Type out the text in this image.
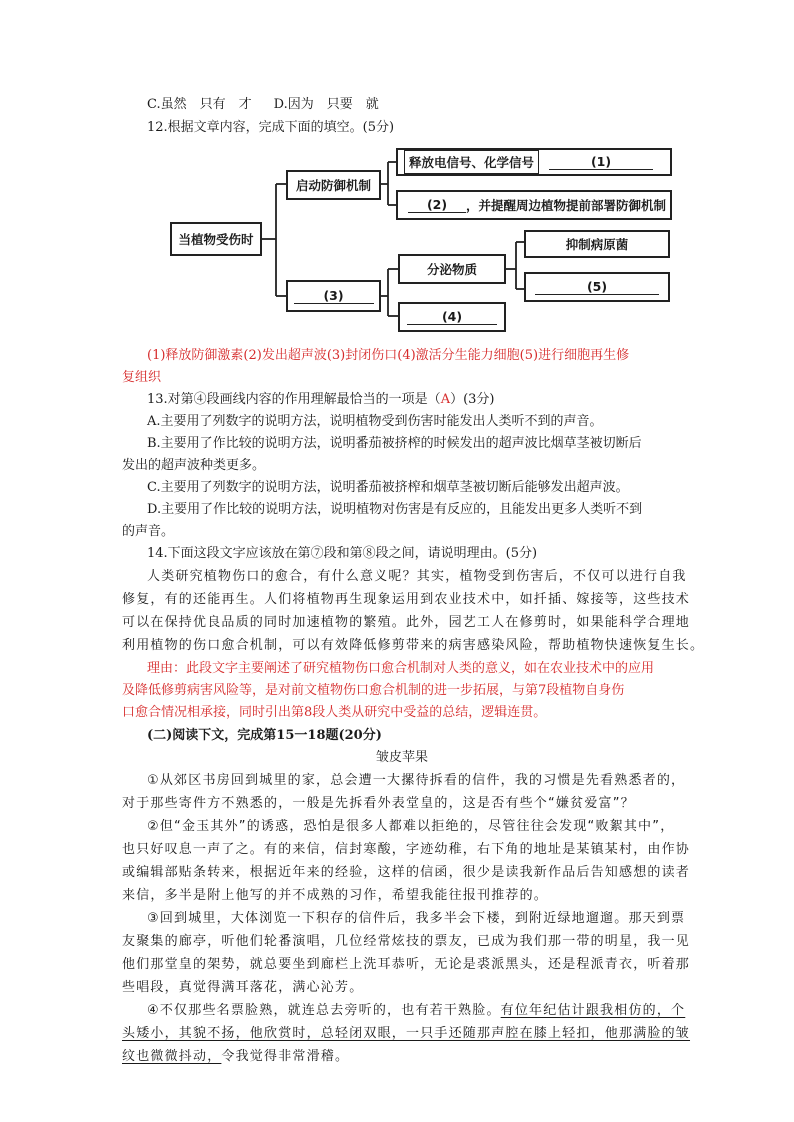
C.虽然　只有　才 D.因为　只要　就
12.根据文章内容，完成下面的填空。(5分)
当植物受伤时
启动防御机制
释放电信号、化学信号	(1)
(2)	，并提醒周边植物提前部署防御机制
(3)
分泌物质
抑制病原菌
(5)
(4)
(1)释放防御激素(2)发出超声波(3)封闭伤口(4)激活分生能力细胞(5)进行细胞再生修
复组织
13.对第④段画线内容的作用理解最恰当的一项是（A）(3分)
A.主要用了列数字的说明方法，说明植物受到伤害时能发出人类听不到的声音。
B.主要用了作比较的说明方法，说明番茄被挤榨的时候发出的超声波比烟草茎被切断后
发出的超声波种类更多。
C.主要用了列数字的说明方法，说明番茄被挤榨和烟草茎被切断后能够发出超声波。
D.主要用了作比较的说明方法，说明植物对伤害是有反应的，且能发出更多人类听不到
的声音。
14.下面这段文字应该放在第⑦段和第⑧段之间，请说明理由。(5分)
人类研究植物伤口的愈合，有什么意义呢？其实，植物受到伤害后，不仅可以进行自我
修复，有的还能再生。人们将植物再生现象运用到农业技术中，如扦插、嫁接等，这些技术
可以在保持优良品质的同时加速植物的繁殖。此外，园艺工人在修剪时，如果能科学合理地
利用植物的伤口愈合机制，可以有效降低修剪带来的病害感染风险，帮助植物快速恢复生长。
理由：此段文字主要阐述了研究植物伤口愈合机制对人类的意义，如在农业技术中的应用
及降低修剪病害风险等，是对前文植物伤口愈合机制的进一步拓展，与第7段植物自身伤
口愈合情况相承接，同时引出第8段人类从研究中受益的总结，逻辑连贯。
(二)阅读下文，完成第15一18题(20分)
皱皮苹果
①从郊区书房回到城里的家，总会遭一大摞待拆看的信件，我的习惯是先看熟悉者的，
对于那些寄件方不熟悉的，一般是先拆看外表堂皇的，这是否有些个“嫌贫爱富”？
②但“金玉其外”的诱惑，恐怕是很多人都难以拒绝的，尽管往往会发现“败絮其中”，
也只好叹息一声了之。有的来信，信封寒酸，字迹幼稚，右下角的地址是某镇某村，由作协
或编辑部贴条转来，根据近年来的经验，这样的信函，很少是读我新作品后告知感想的读者
来信，多半是附上他写的并不成熟的习作，希望我能往报刊推荐的。
③回到城里，大体浏览一下积存的信件后，我多半会下楼，到附近绿地遛遛。那天到票
友聚集的廊亭，听他们轮番演唱，几位经常炫技的票友，已成为我们那一带的明星，我一见
他们那堂皇的架势，就总要坐到廊栏上洗耳恭听，无论是裘派黑头，还是程派青衣，听着那
些唱段，真觉得满耳落花，满心沁芳。
④不仅那些名票脸熟，就连总去旁听的，也有若干熟脸。有位年纪估计跟我相仿的，个
头矮小，其貌不扬，他欣赏时，总轻闭双眼，一只手还随那声腔在膝上轻扣，他那满脸的皱
纹也微微抖动，令我觉得非常滑稽。
